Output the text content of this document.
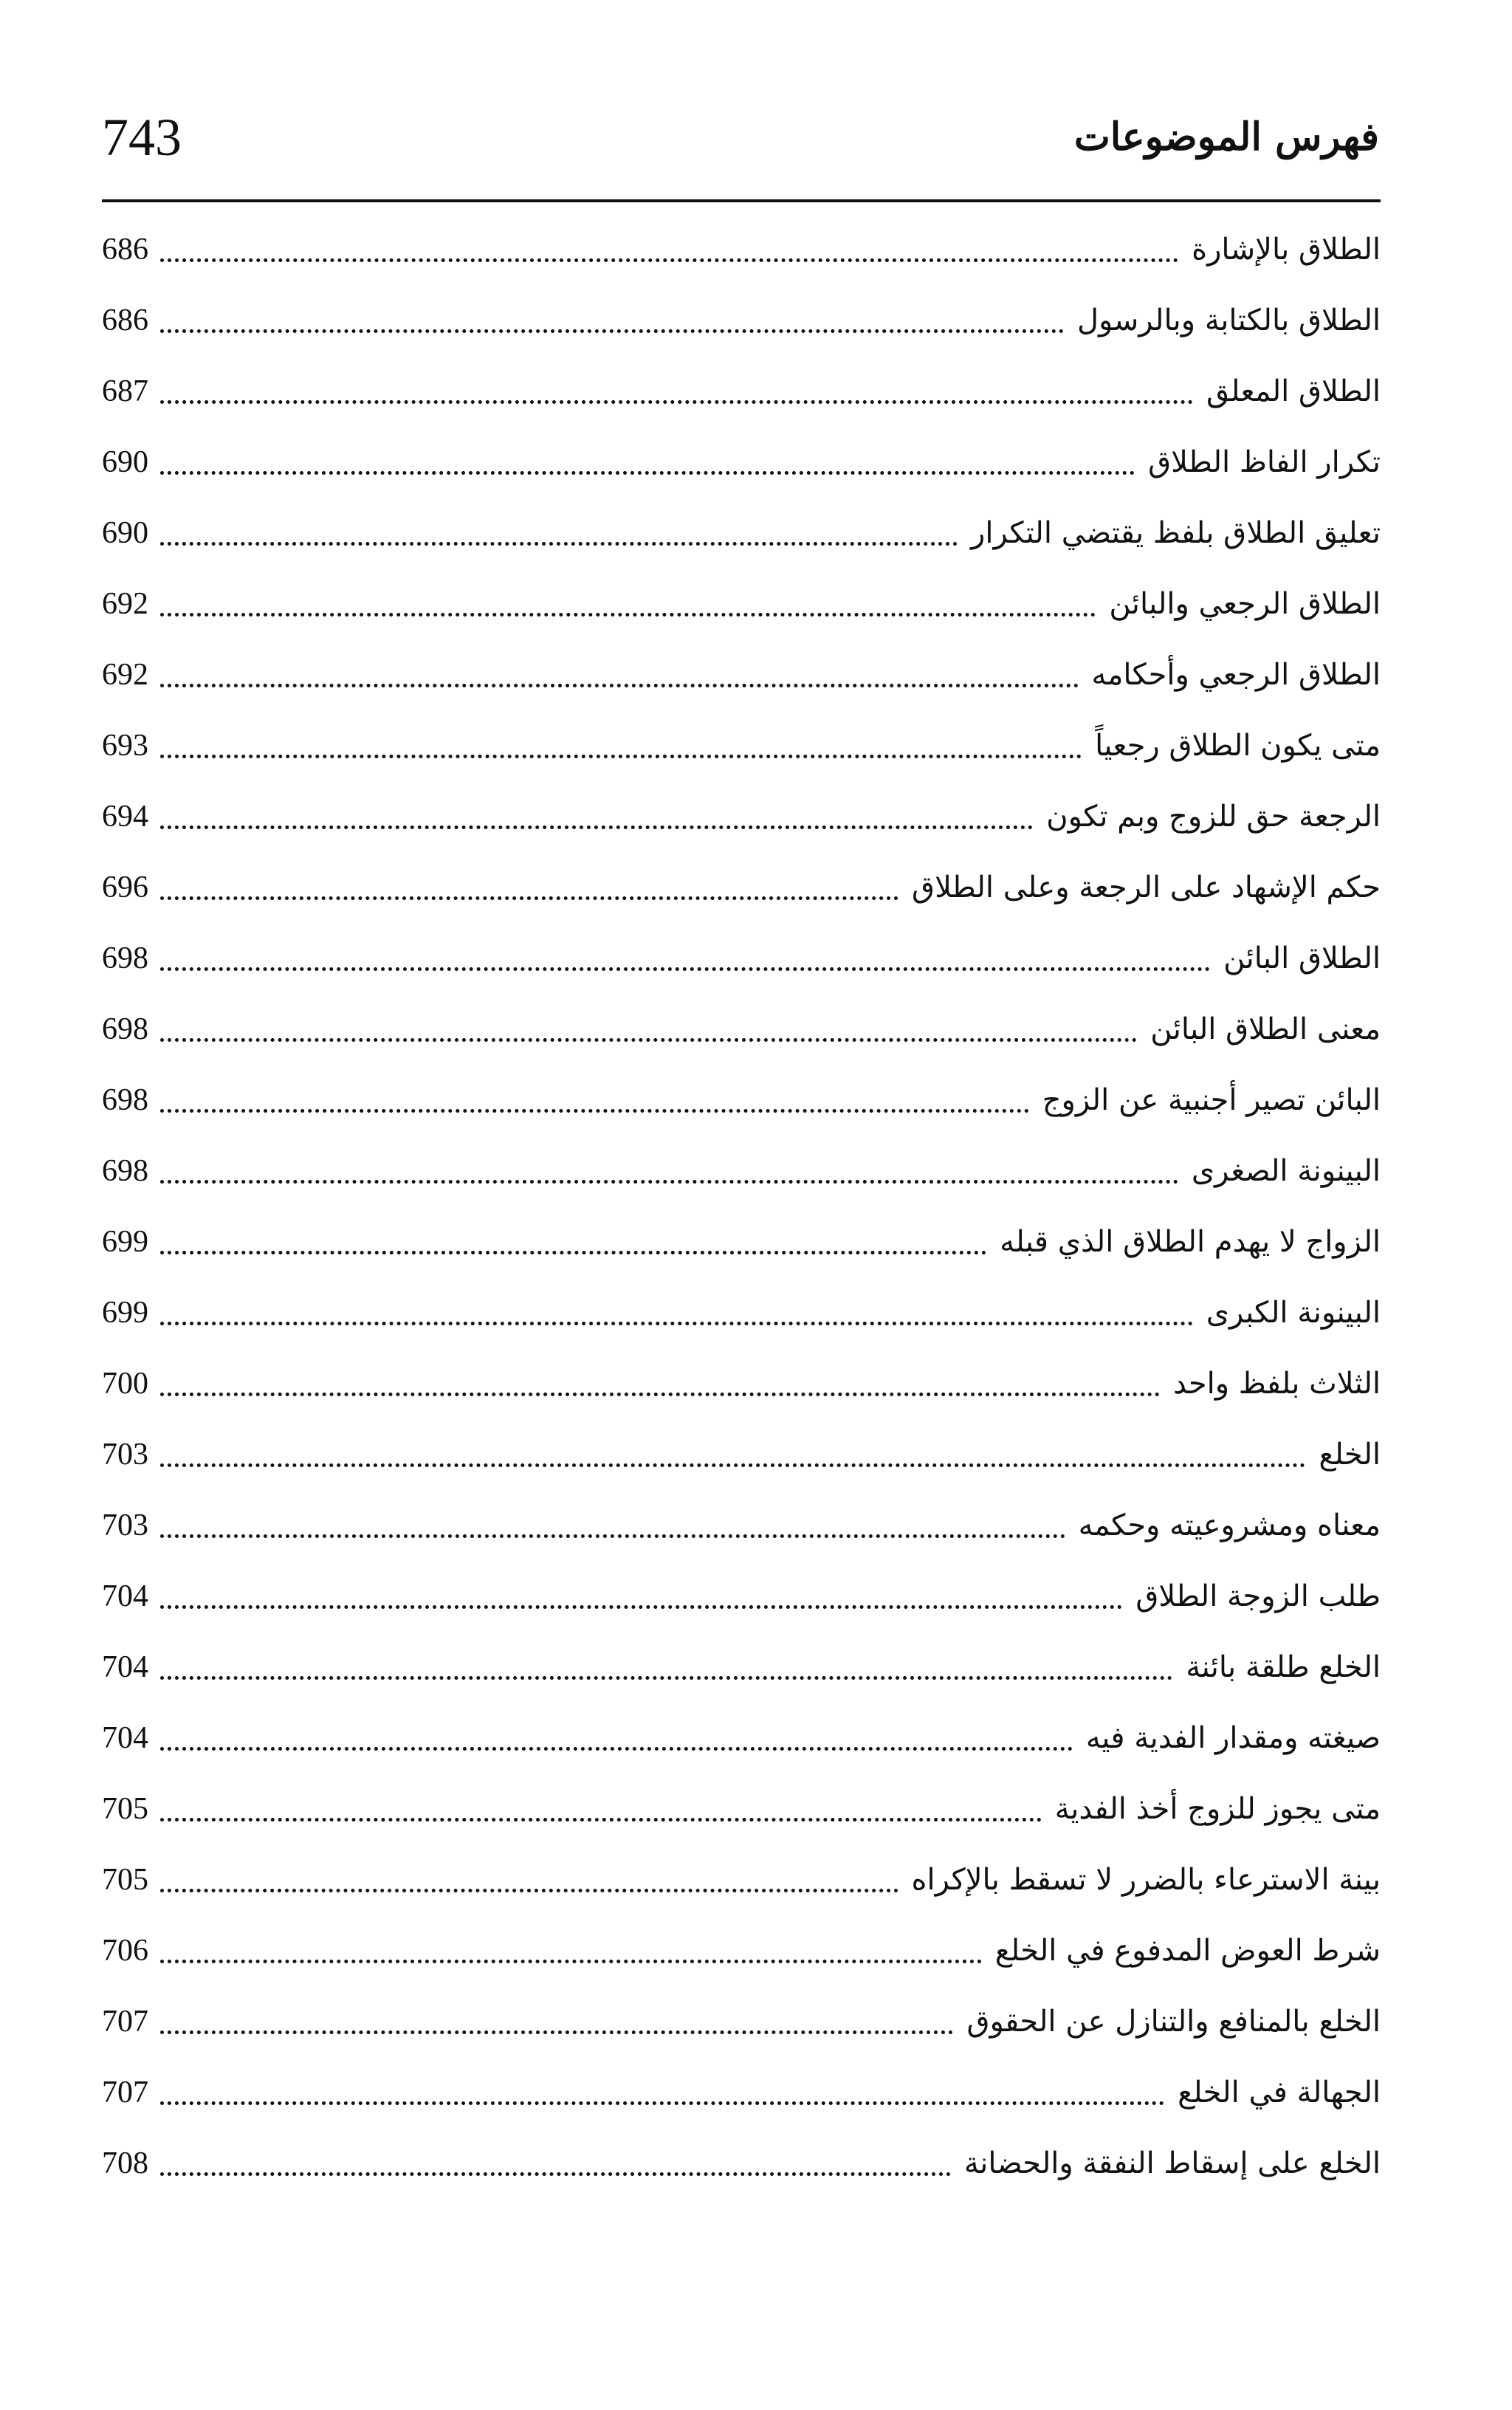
743	فهرس الموضوعات
686	الطلاق بالإشارة
686	الطلاق بالكتابة وبالرسول
687	الطلاق المعلق
690	تكرار الفاظ الطلاق
690	تعليق الطلاق بلفظ يقتضي التكرار
692	الطلاق الرجعي والبائن
692	الطلاق الرجعي وأحكامه
693	متى يكون الطلاق رجعياً
694	الرجعة حق للزوج وبم تكون
696	حكم الإشهاد على الرجعة وعلى الطلاق
698	الطلاق البائن
698	معنى الطلاق البائن
698	البائن تصير أجنبية عن الزوج
698	البينونة الصغرى
699	الزواج لا يهدم الطلاق الذي قبله
699	البينونة الكبرى
700	الثلاث بلفظ واحد
703	الخلع
703	معناه ومشروعيته وحكمه
704	طلب الزوجة الطلاق
704	الخلع طلقة بائنة
704	صيغته ومقدار الفدية فيه
705	متى يجوز للزوج أخذ الفدية
705	بينة الاسترعاء بالضرر لا تسقط بالإكراه
706	شرط العوض المدفوع في الخلع
707	الخلع بالمنافع والتنازل عن الحقوق
707	الجهالة في الخلع
708	الخلع على إسقاط النفقة والحضانة
